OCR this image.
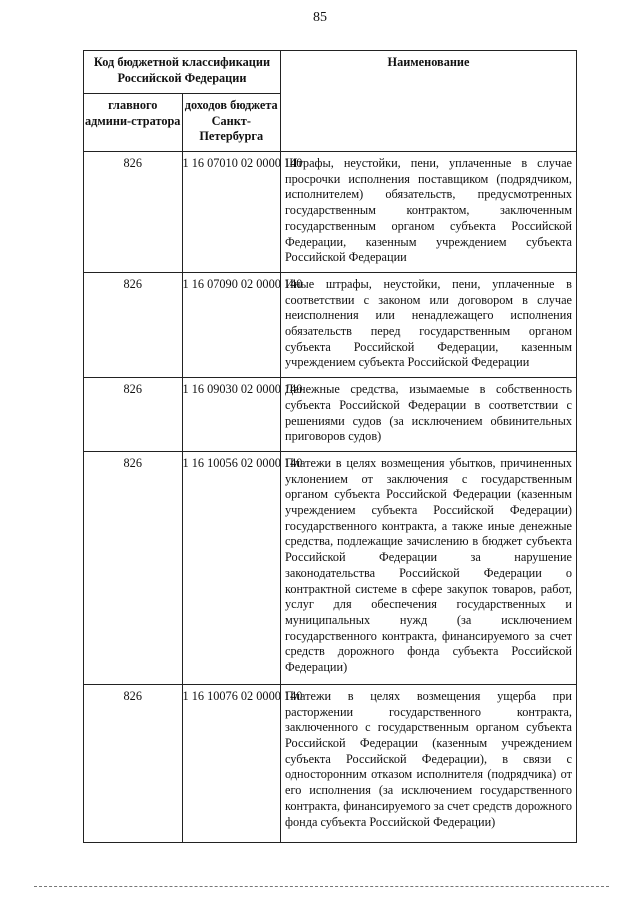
85
Код бюджетной классификации Российской Федерации		Наименование
главного админи-стратора	доходов бюджета Санкт-Петербурга	
826	1 16 07010 02 0000 140	Штрафы, неустойки, пени, уплаченные в случае просрочки исполнения поставщиком (подрядчиком, исполнителем) обязательств, предусмотренных государственным контрактом, заключенным государственным органом субъекта Российской Федерации, казенным учреждением субъекта Российской Федерации
826	1 16 07090 02 0000 140	Иные штрафы, неустойки, пени, уплаченные в соответствии с законом или договором в случае неисполнения или ненадлежащего исполнения обязательств перед государственным органом субъекта Российской Федерации, казенным учреждением субъекта Российской Федерации
826	1 16 09030 02 0000 140	Денежные средства, изымаемые в собственность субъекта Российской Федерации в соответствии с решениями судов (за исключением обвинительных приговоров судов)
826	1 16 10056 02 0000 140	Платежи в целях возмещения убытков, причиненных уклонением от заключения с государственным органом субъекта Российской Федерации (казенным учреждением субъекта Российской Федерации) государственного контракта, а также иные денежные средства, подлежащие зачислению в бюджет субъекта Российской Федерации за нарушение законодательства Российской Федерации о контрактной системе в сфере закупок товаров, работ, услуг для обеспечения государственных и муниципальных нужд (за исключением государственного контракта, финансируемого за счет средств дорожного фонда субъекта Российской Федерации)
826	1 16 10076 02 0000 140	Платежи в целях возмещения ущерба при расторжении государственного контракта, заключенного с государственным органом субъекта Российской Федерации (казенным учреждением субъекта Российской Федерации), в связи с односторонним отказом исполнителя (подрядчика) от его исполнения (за исключением государственного контракта, финансируемого за счет средств дорожного фонда субъекта Российской Федерации)
